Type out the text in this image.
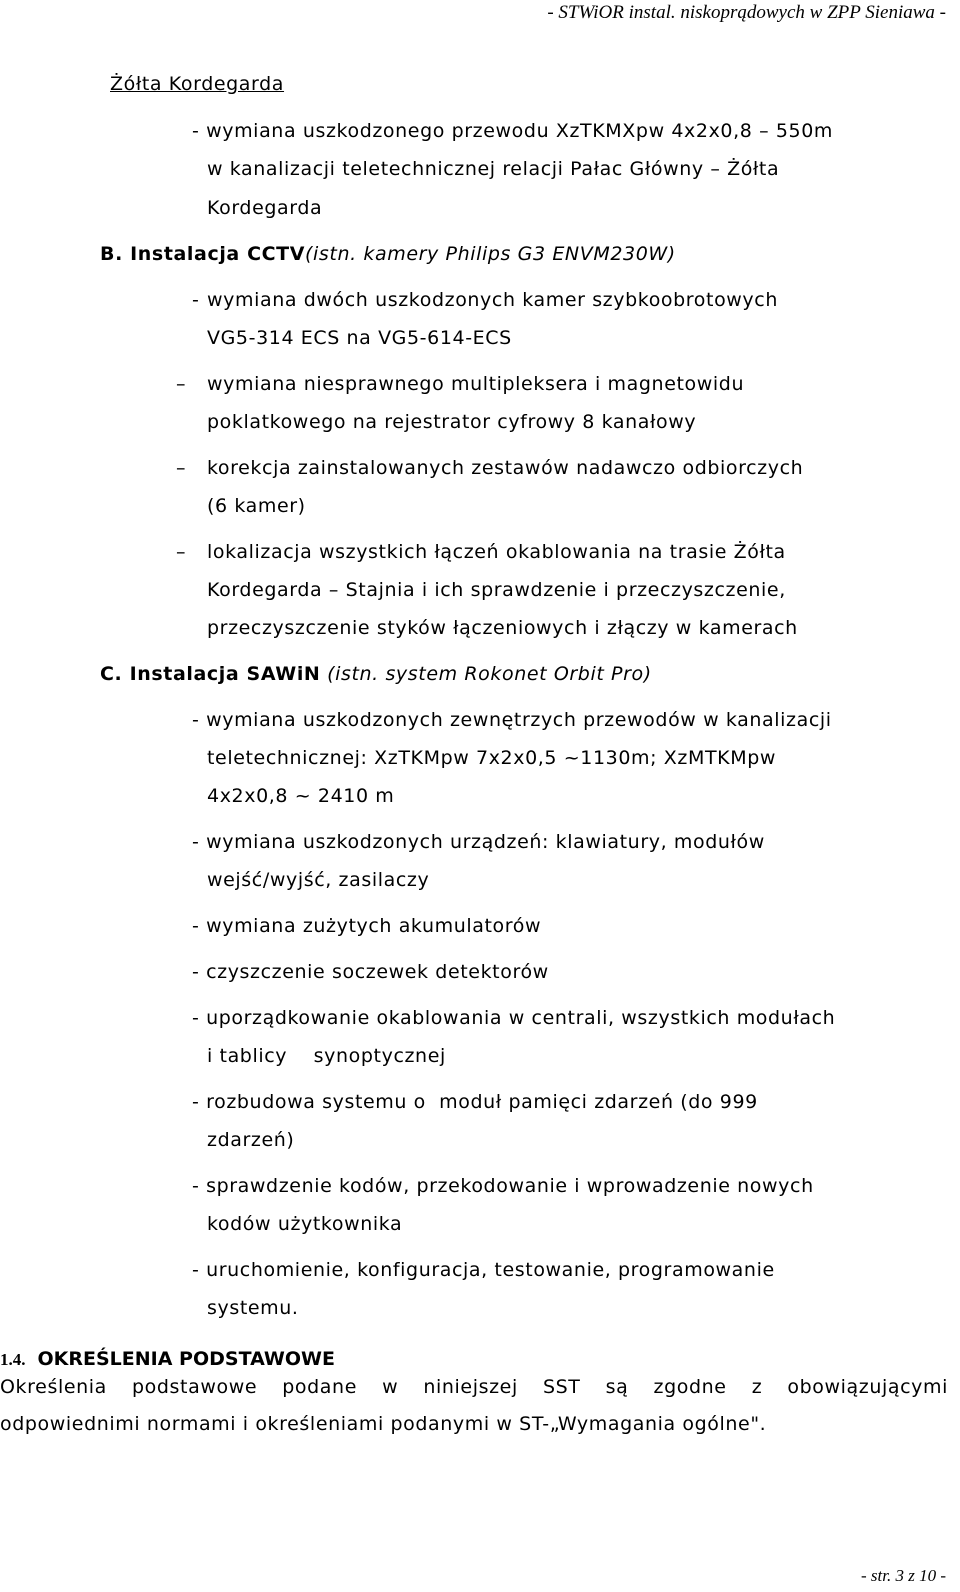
- STWiOR instal. niskoprądowych w ZPP Sieniawa -
Żółta Kordegarda
- wymiana uszkodzonego przewodu XzTKMXpw 4x2x0,8 – 550m
w kanalizacji teletechnicznej relacji Pałac Główny – Żółta
Kordegarda
B. Instalacja CCTV(istn. kamery Philips G3 ENVM230W)
- wymiana dwóch uszkodzonych kamer szybkoobrotowych
VG5-314 ECS na VG5-614-ECS
– wymiana niesprawnego multipleksera i magnetowidu
poklatkowego na rejestrator cyfrowy 8 kanałowy
– korekcja zainstalowanych zestawów nadawczo odbiorczych
(6 kamer)
– lokalizacja wszystkich łączeń okablowania na trasie Żółta
Kordegarda – Stajnia i ich sprawdzenie i przeczyszczenie,
przeczyszczenie styków łączeniowych i złączy w kamerach
C. Instalacja SAWiN (istn. system Rokonet Orbit Pro)
- wymiana uszkodzonych zewnętrzych przewodów w kanalizacji
teletechnicznej: XzTKMpw 7x2x0,5 ~1130m; XzMTKMpw
4x2x0,8 ~ 2410 m
- wymiana uszkodzonych urządzeń: klawiatury, modułów
wejść/wyjść, zasilaczy
- wymiana zużytych akumulatorów
- czyszczenie soczewek detektorów
- uporządkowanie okablowania w centrali, wszystkich modułach
i tablicy    synoptycznej
- rozbudowa systemu o  moduł pamięci zdarzeń (do 999
zdarzeń)
- sprawdzenie kodów, przekodowanie i wprowadzenie nowych
kodów użytkownika
- uruchomienie, konfiguracja, testowanie, programowanie
systemu.
1.4. OKREŚLENIA PODSTAWOWE
Określenia podstawowe podane w niniejszej SST są zgodne z obowiązującymi
odpowiednimi normami i określeniami podanymi w ST-„Wymagania ogólne".
- str. 3 z 10 -
